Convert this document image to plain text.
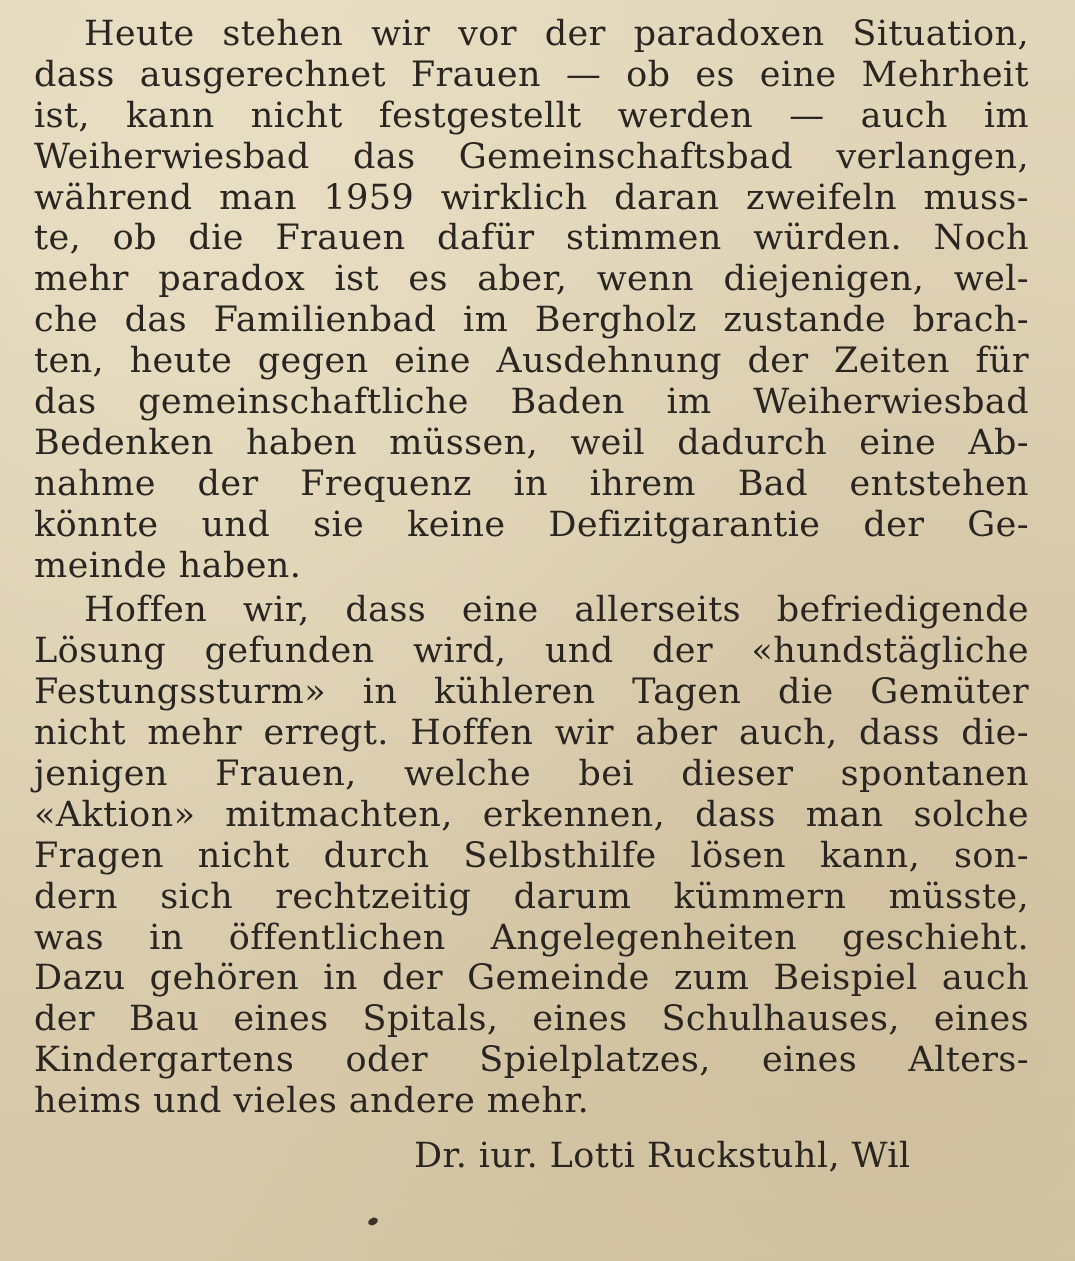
Heute stehen wir vor der paradoxen Situation,
dass ausgerechnet Frauen — ob es eine Mehrheit
ist, kann nicht festgestellt werden — auch im
Weiherwiesbad das Gemeinschaftsbad verlangen,
während man 1959 wirklich daran zweifeln muss-
te, ob die Frauen dafür stimmen würden. Noch
mehr paradox ist es aber, wenn diejenigen, wel-
che das Familienbad im Bergholz zustande brach-
ten, heute gegen eine Ausdehnung der Zeiten für
das gemeinschaftliche Baden im Weiherwiesbad
Bedenken haben müssen, weil dadurch eine Ab-
nahme der Frequenz in ihrem Bad entstehen
könnte und sie keine Defizitgarantie der Ge-
meinde haben.
Hoffen wir, dass eine allerseits befriedigende
Lösung gefunden wird, und der «hundstägliche
Festungssturm» in kühleren Tagen die Gemüter
nicht mehr erregt. Hoffen wir aber auch, dass die-
jenigen Frauen, welche bei dieser spontanen
«Aktion» mitmachten, erkennen, dass man solche
Fragen nicht durch Selbsthilfe lösen kann, son-
dern sich rechtzeitig darum kümmern müsste,
was in öffentlichen Angelegenheiten geschieht.
Dazu gehören in der Gemeinde zum Beispiel auch
der Bau eines Spitals, eines Schulhauses, eines
Kindergartens oder Spielplatzes, eines Alters-
heims und vieles andere mehr.
Dr. iur. Lotti Ruckstuhl, Wil
